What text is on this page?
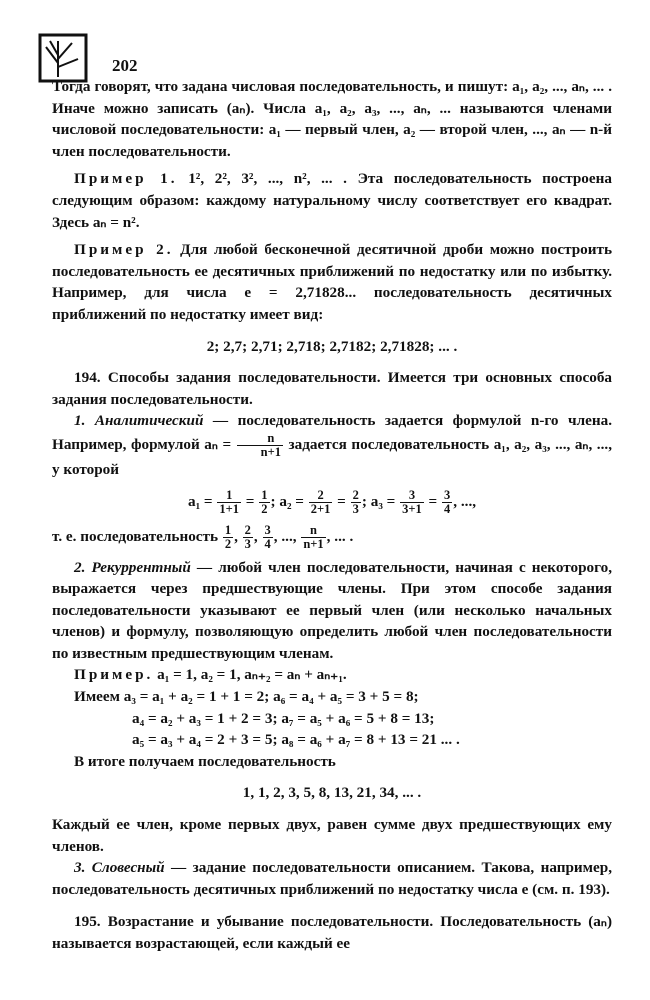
202

Тогда говорят, что задана числовая последовательность, и пишут: a₁, a₂, ..., aₙ, ... . Иначе можно записать (aₙ). Числа a₁, a₂, a₃, ..., aₙ, ... называются членами числовой последовательности: a₁ — первый член, a₂ — второй член, ..., aₙ — n-й член последовательности.

Пример 1. 1², 2², 3², ..., n², ... . Эта последовательность построена следующим образом: каждому натуральному числу соответствует его квадрат. Здесь aₙ = n².

Пример 2. Для любой бесконечной десятичной дроби можно построить последовательность ее десятичных приближений по недостатку или по избытку. Например, для числа e = 2,71828... последовательность десятичных приближений по недостатку имеет вид:

2; 2,7; 2,71; 2,718; 2,7182; 2,71828; ... .

194. Способы задания последовательности. Имеется три основных способа задания последовательности.

1. Аналитический — последовательность задается формулой n-го члена. Например, формулой $a_n = \frac{n}{n+1}$ задается последовательность a₁, a₂, a₃, ..., aₙ, ..., у которой

$a_1 = \frac{1}{1+1} = \frac{1}{2}$ ; $a_2 = \frac{2}{2+1} = \frac{2}{3}$ ; $a_3 = \frac{3}{3+1} = \frac{3}{4}$ , ...,

т. е. последовательность $\frac{1}{2}$ , $\frac{2}{3}$ , $\frac{3}{4}$ , ..., $\frac{n}{n+1}$ , ... .

2. Рекуррентный — любой член последовательности, начиная с некоторого, выражается через предшествующие члены. При этом способе задания последовательности указывают ее первый член (или несколько начальных членов) и формулу, позволяющую определить любой член последовательности по известным предшествующим членам.

Пример. a₁ = 1, a₂ = 1, aₙ₊₂ = aₙ + aₙ₊₁.

Имеем a₃ = a₁ + a₂ = 1 + 1 = 2; a₆ = a₄ + a₅ = 3 + 5 = 8;

a₄ = a₂ + a₃ = 1 + 2 = 3; a₇ = a₅ + a₆ = 5 + 8 = 13;

a₅ = a₃ + a₄ = 2 + 3 = 5; a₈ = a₆ + a₇ = 8 + 13 = 21 ... .

В итоге получаем последовательность

1, 1, 2, 3, 5, 8, 13, 21, 34, ... .

Каждый ее член, кроме первых двух, равен сумме двух предшествующих ему членов.

3. Словесный — задание последовательности описанием. Такова, например, последовательность десятичных приближений по недостатку числа e (см. п. 193).

195. Возрастание и убывание последовательности. Последовательность (aₙ) называется возрастающей, если каждый ее
